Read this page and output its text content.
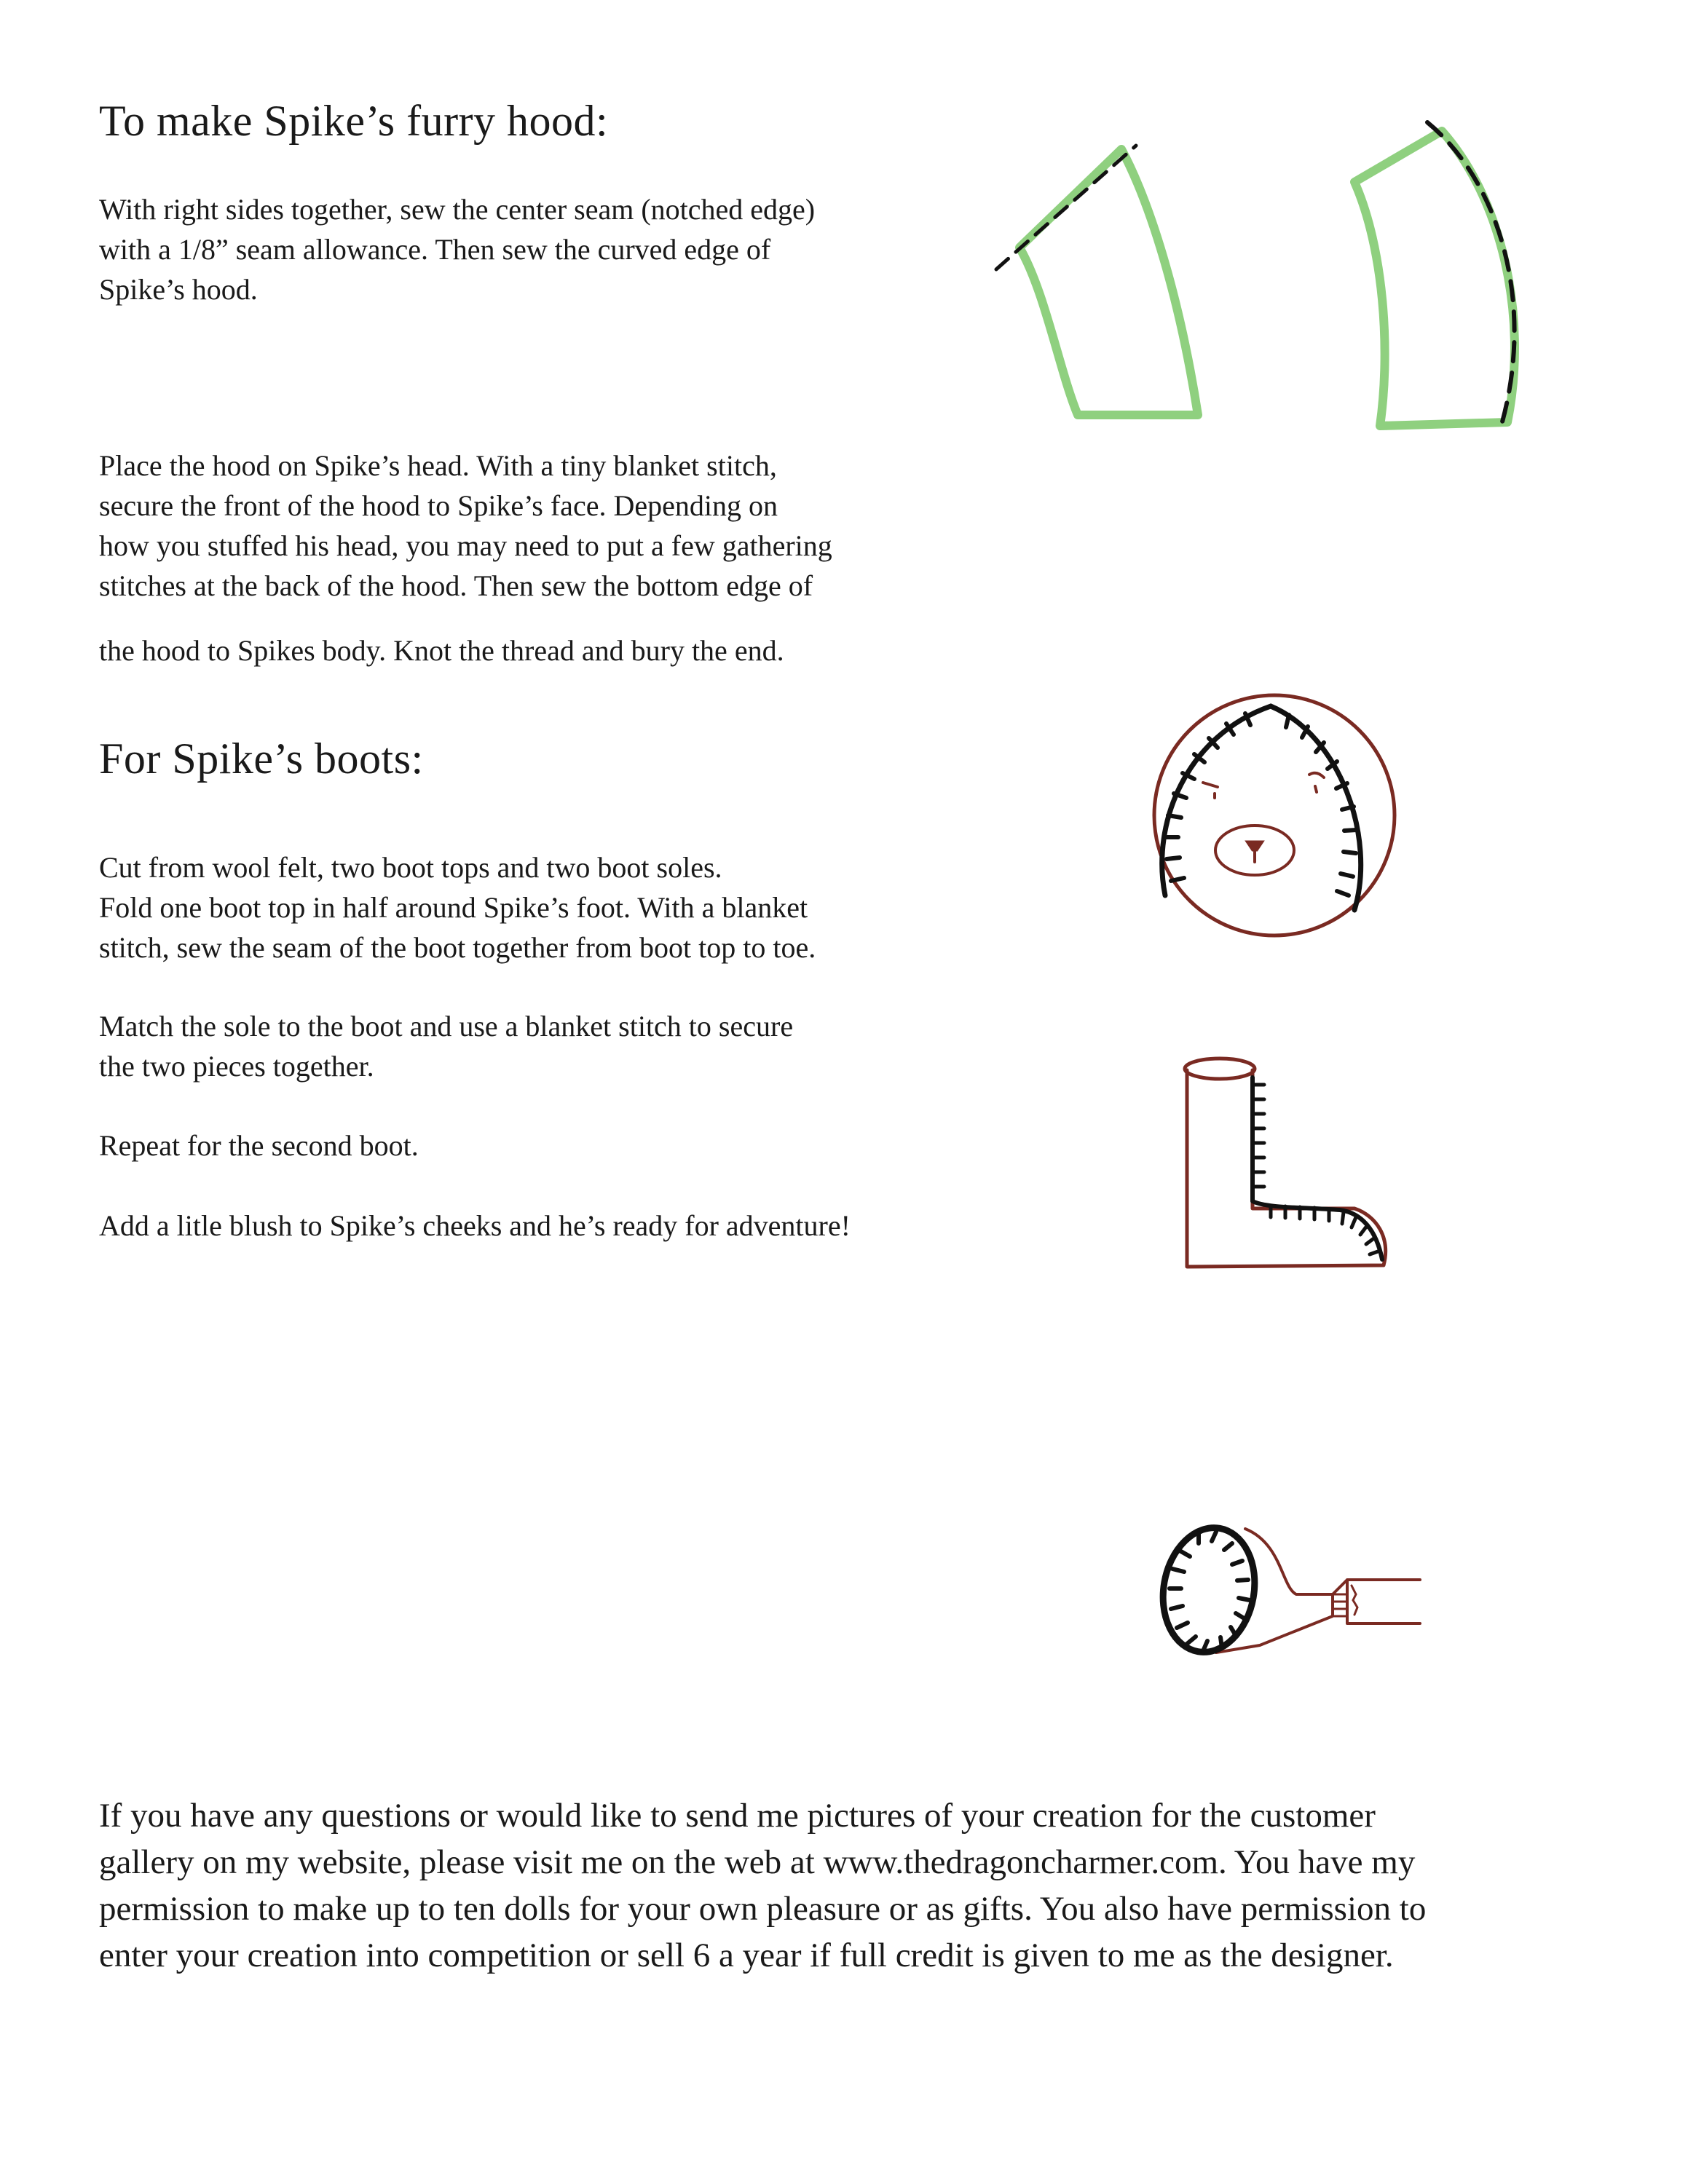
To make Spike’s furry hood:

With right sides together, sew the center seam (notched edge)
with a 1/8” seam allowance. Then sew the curved edge of
Spike’s hood.

Place the hood on Spike’s head. With a tiny blanket stitch,
secure the front of the hood to Spike’s face. Depending on
how you stuffed his head, you may need to put a few gathering
stitches at the back of the hood. Then sew the bottom edge of

the hood to Spikes body. Knot the thread and bury the end.

For Spike’s boots:

Cut from wool felt, two boot tops and two boot soles.
Fold one boot top in half around Spike’s foot. With a blanket
stitch, sew the seam of the boot together from boot top to toe.

Match the sole to the boot and use a blanket stitch to secure
the two pieces together.

Repeat for the second boot.

Add a litle blush to Spike’s cheeks and he’s ready for adventure!

If you have any questions or would like to send me pictures of your creation for the customer
gallery on my website, please visit me on the web at www.thedragoncharmer.com. You have my
permission to make up to ten dolls for your own pleasure or as gifts. You also have permission to
enter your creation into competition or sell 6 a year if full credit is given to me as the designer.
